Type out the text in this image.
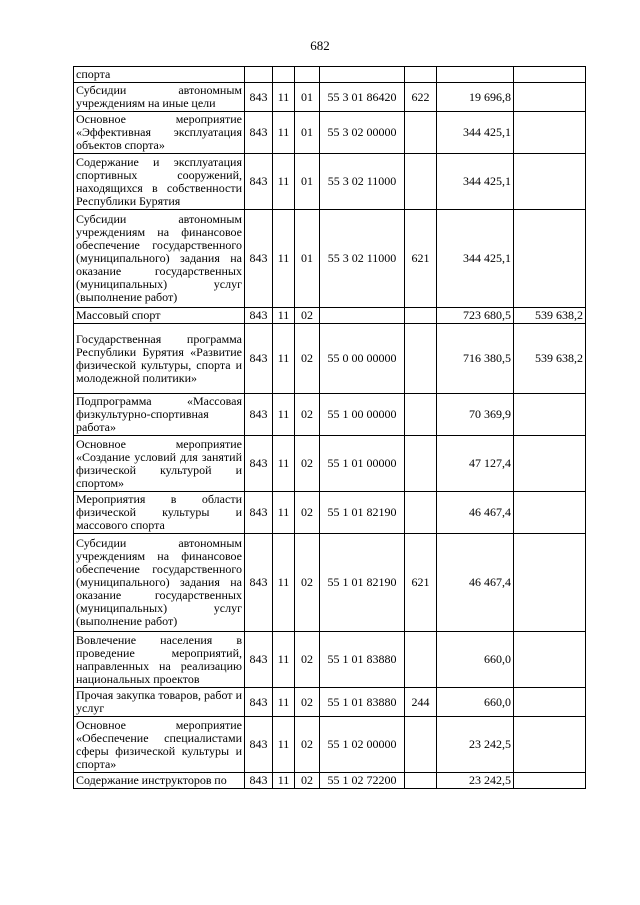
682
спорта							
Субсидии автономным учреждениям на иные цели	843	11	01	55 3 01 86420	622	19 696,8	
Основное мероприятие «Эффективная эксплуатация объектов спорта»	843	11	01	55 3 02 00000		344 425,1	
Содержание и эксплуатация спортивных сооружений, находящихся в собственности Республики Бурятия	843	11	01	55 3 02 11000		344 425,1	
Субсидии автономным учреждениям на финансовое обеспечение государственного (муниципального) задания на оказание государственных (муниципальных) услуг (выполнение работ)	843	11	01	55 3 02 11000	621	344 425,1	
Массовый спорт	843	11	02			723 680,5	539 638,2
Государственная программа Республики Бурятия «Развитие физической культуры, спорта и молодежной политики»	843	11	02	55 0 00 00000		716 380,5	539 638,2
Подпрограмма «Массовая физкультурно-спортивная работа»	843	11	02	55 1 00 00000		70 369,9	
Основное мероприятие «Создание условий для занятий физической культурой и спортом»	843	11	02	55 1 01 00000		47 127,4	
Мероприятия в области физической культуры и массового спорта	843	11	02	55 1 01 82190		46 467,4	
Субсидии автономным учреждениям на финансовое обеспечение государственного (муниципального) задания на оказание государственных (муниципальных) услуг (выполнение работ)	843	11	02	55 1 01 82190	621	46 467,4	
Вовлечение населения в проведение мероприятий, направленных на реализацию национальных проектов	843	11	02	55 1 01 83880		660,0	
Прочая закупка товаров, работ и услуг	843	11	02	55 1 01 83880	244	660,0	
Основное мероприятие «Обеспечение специалистами сферы физической культуры и спорта»	843	11	02	55 1 02 00000		23 242,5	
Содержание инструкторов по	843	11	02	55 1 02 72200		23 242,5	
